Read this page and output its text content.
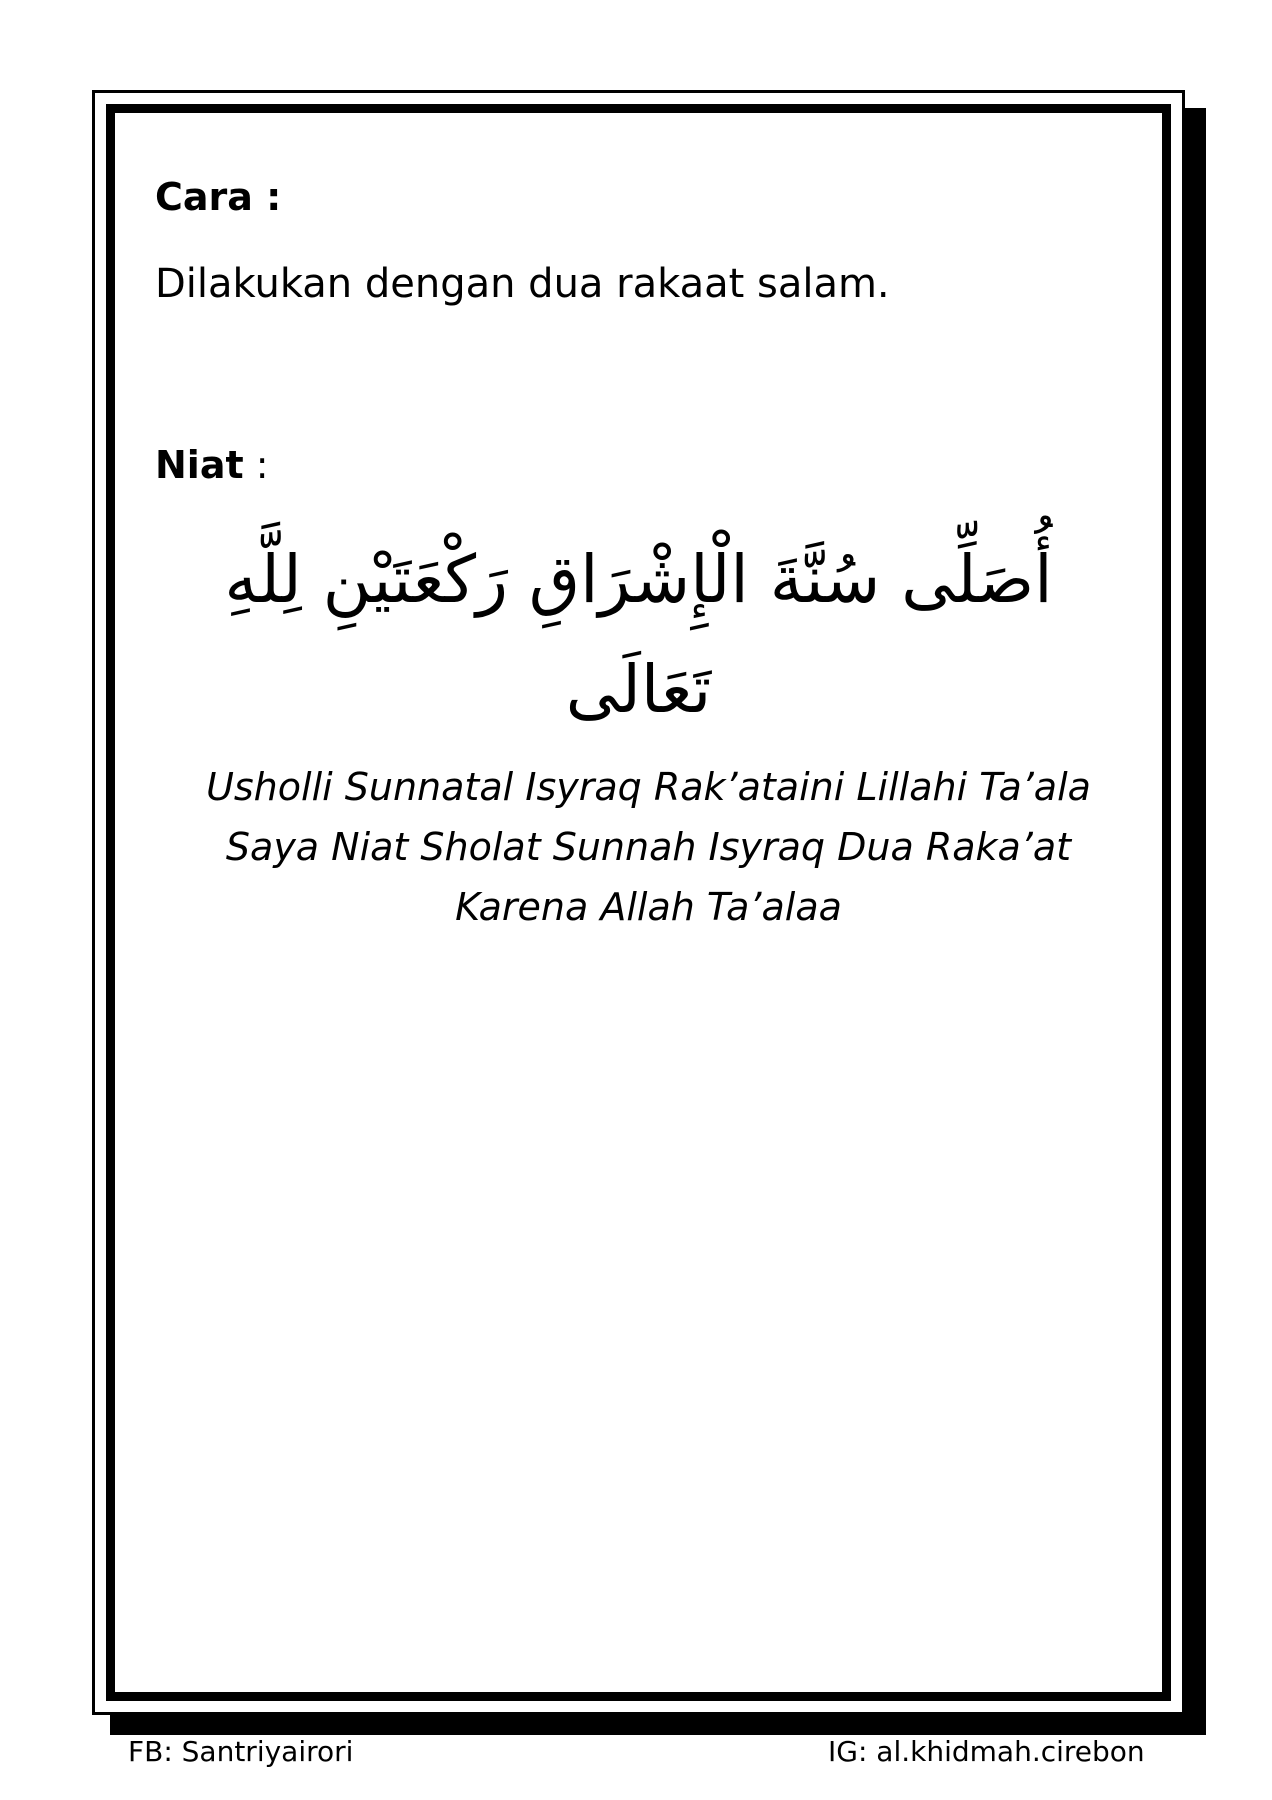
Cara :

Dilakukan dengan dua rakaat salam.

Niat :

أُصَلِّى سُنَّةَ الْإِشْرَاقِ رَكْعَتَيْنِ لِلَّهِ تَعَالَى
Usholli Sunnatal Isyraq Rak’ataini Lillahi Ta’ala
Saya Niat Sholat Sunnah Isyraq Dua Raka’at
Karena Allah Ta’alaa
FB: Santriyairori	IG: al.khidmah.cirebon
